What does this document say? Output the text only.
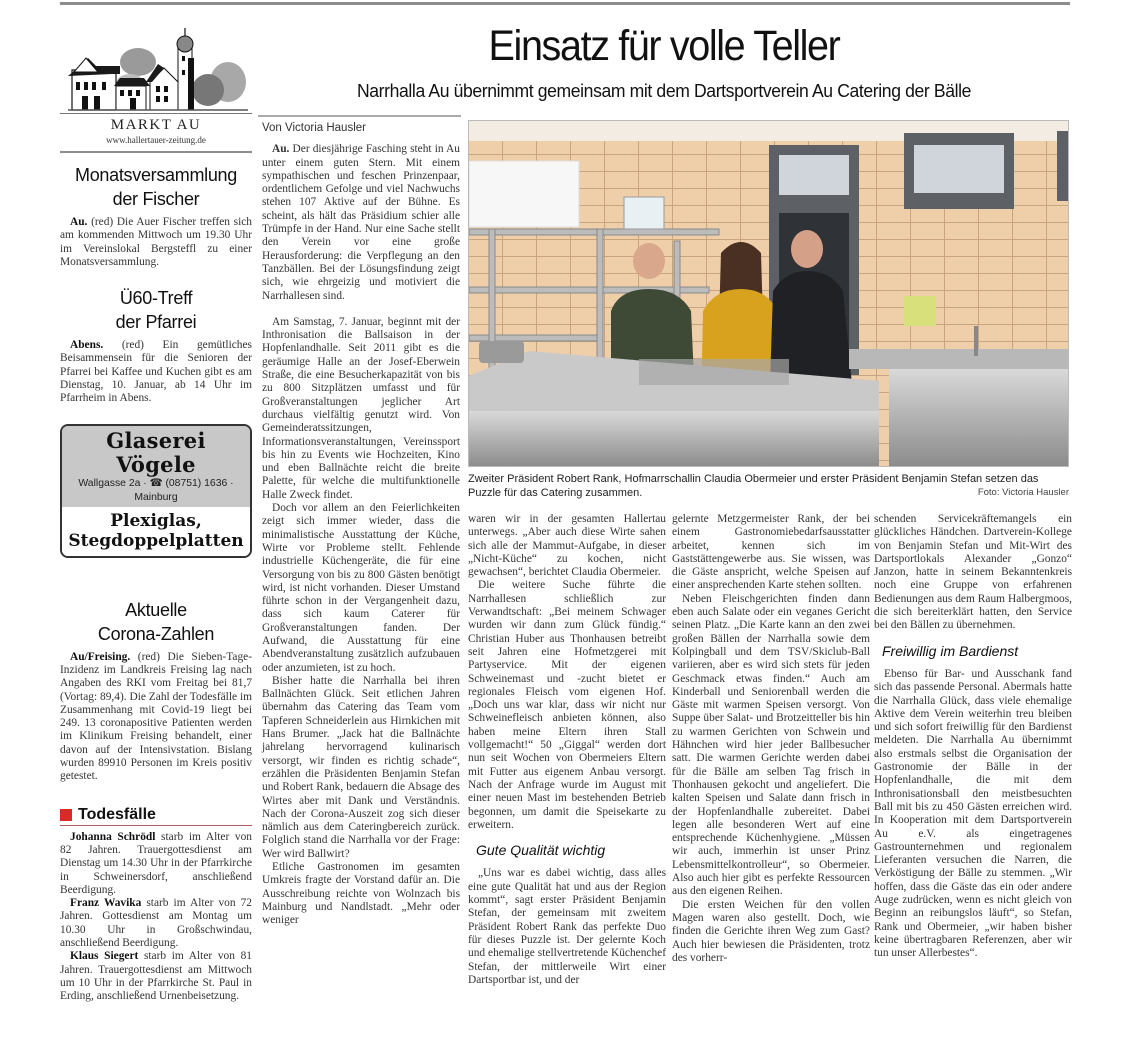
MARKT AU
www.hallertauer-zeitung.de
Monatsversammlung
der Fischer
Au. (red) Die Auer Fischer treffen sich am kommenden Mittwoch um 19.30 Uhr im Vereinslokal Bergsteffl zu einer Monatsversammlung.
Ü60-Treff
der Pfarrei
Abens. (red) Ein gemütliches Beisammensein für die Senioren der Pfarrei bei Kaffee und Kuchen gibt es am Dienstag, 10. Januar, ab 14 Uhr im Pfarrheim in Abens.
Glaserei Vögele
Wallgasse 2a · ☎ (08751) 1636 · Mainburg
Plexiglas,
Stegdoppelplatten
Aktuelle
Corona-Zahlen
Au/Freising. (red) Die Sieben-Tage-Inzidenz im Landkreis Freising lag nach Angaben des RKI vom Freitag bei 81,7 (Vortag: 89,4). Die Zahl der Todesfälle im Zusammenhang mit Covid-19 liegt bei 249. 13 coronapositive Patienten werden im Klinikum Freising behandelt, einer davon auf der Intensivstation. Bislang wurden 89910 Personen im Kreis positiv getestet.
Todesfälle
Johanna Schrödl starb im Alter von 82 Jahren. Trauergottesdienst am Dienstag um 14.30 Uhr in der Pfarrkirche in Schweinersdorf, anschließend Beerdigung.
Franz Wavika starb im Alter von 72 Jahren. Gottesdienst am Montag um 10.30 Uhr in Großschwindau, anschließend Beerdigung.
Klaus Siegert starb im Alter von 81 Jahren. Trauergottesdienst am Mittwoch um 10 Uhr in der Pfarrkirche St. Paul in Erding, anschließend Urnenbeisetzung.
Einsatz für volle Teller
Narrhalla Au übernimmt gemeinsam mit dem Dartsportverein Au Catering der Bälle
Von Victoria Hausler

Au. Der diesjährige Fasching steht in Au unter einem guten Stern. Mit einem sympathischen und feschen Prinzenpaar, ordentlichem Gefolge und viel Nachwuchs stehen 107 Aktive auf der Bühne. Es scheint, als hält das Präsidium schier alle Trümpfe in der Hand. Nur eine Sache stellt den Verein vor eine große Herausforderung: die Verpflegung an den Tanzbällen. Bei der Lösungsfindung zeigt sich, wie ehrgeizig und motiviert die Narrhallesen sind.

Am Samstag, 7. Januar, beginnt mit der Inthronisation die Ballsaison in der Hopfenlandhalle. Seit 2011 gibt es die geräumige Halle an der Josef-Eberwein Straße, die eine Besucherkapazität von bis zu 800 Sitzplätzen umfasst und für Großveranstaltungen jeglicher Art durchaus vielfältig genutzt wird. Von Gemeinderatssitzungen, Informationsveranstaltungen, Vereinssport bis hin zu Events wie Hochzeiten, Kino und eben Ballnächte reicht die breite Palette, für welche die multifunktionelle Halle Zweck findet.

Doch vor allem an den Feierlichkeiten zeigt sich immer wieder, dass die minimalistische Ausstattung der Küche, Wirte vor Probleme stellt. Fehlende industrielle Küchengeräte, die für eine Versorgung von bis zu 800 Gästen benötigt wird, ist nicht vorhanden. Dieser Umstand führte schon in der Vergangenheit dazu, dass sich kaum Caterer für Großveranstaltungen fanden. Der Aufwand, die Ausstattung für eine Abendveranstaltung zusätzlich aufzubauen oder anzumieten, ist zu hoch.

Bisher hatte die Narrhalla bei ihren Ballnächten Glück. Seit etlichen Jahren übernahm das Catering das Team vom Tapferen Schneiderlein aus Hirnkichen mit Hans Brumer. „Jack hat die Ballnächte jahrelang hervorragend kulinarisch versorgt, wir finden es richtig schade“, erzählen die Präsidenten Benjamin Stefan und Robert Rank, bedauern die Absage des Wirtes aber mit Dank und Verständnis. Nach der Corona-Auszeit zog sich dieser nämlich aus dem Cateringbereich zurück. Folglich stand die Narrhalla vor der Frage: Wer wird Ballwirt?

Etliche Gastronomen im gesamten Umkreis fragte der Vorstand dafür an. Die Ausschreibung reichte von Wolnzach bis Mainburg und Nandlstadt. „Mehr oder weniger

Zweiter Präsident Robert Rank, Hofmarrschallin Claudia Obermeier und erster Präsident Benjamin Stefan setzen das Puzzle für das Catering zusammen.	Foto: Victoria Hausler

waren wir in der gesamten Hallertau unterwegs. „Aber auch diese Wirte sahen sich alle der Mammut-Aufgabe, in dieser „Nicht-Küche“ zu kochen, nicht gewachsen“, berichtet Claudia Obermeier.

Die weitere Suche führte die Narrhallesen schließlich zur Verwandtschaft: „Bei meinem Schwager wurden wir dann zum Glück fündig.“ Christian Huber aus Thonhausen betreibt seit Jahren eine Hofmetzgerei mit Partyservice. Mit der eigenen Schweinemast und -zucht bietet er regionales Fleisch vom eigenen Hof. „Doch uns war klar, dass wir nicht nur Schweinefleisch anbieten können, also haben meine Eltern ihren Stall vollgemacht!“ 50 „Giggal“ werden dort nun seit Wochen von Obermeiers Eltern mit Futter aus eigenem Anbau versorgt. Nach der Anfrage wurde im August mit einer neuen Mast im bestehenden Betrieb begonnen, um damit die Speisekarte zu erweitern.

Gute Qualität wichtig

„Uns war es dabei wichtig, dass alles eine gute Qualität hat und aus der Region kommt“, sagt erster Präsident Benjamin Stefan, der gemeinsam mit zweitem Präsident Robert Rank das perfekte Duo für dieses Puzzle ist. Der gelernte Koch und ehemalige stellvertretende Küchenchef Stefan, der mittlerweile Wirt einer Dartsportbar ist, und der

gelernte Metzgermeister Rank, der bei einem Gastronomiebedarfsausstatter arbeitet, kennen sich im Gaststättengewerbe aus. Sie wissen, was die Gäste anspricht, welche Speisen auf einer ansprechenden Karte stehen sollten.

Neben Fleischgerichten finden dann eben auch Salate oder ein veganes Gericht seinen Platz. „Die Karte kann an den zwei großen Bällen der Narrhalla sowie dem Kolpingball und dem TSV/Skiclub-Ball variieren, aber es wird sich stets für jeden Geschmack etwas finden.“ Auch am Kinderball und Seniorenball werden die Gäste mit warmen Speisen versorgt. Von Suppe über Salat- und Brotzeitteller bis hin zu warmen Gerichten von Schwein und Hähnchen wird hier jeder Ballbesucher satt. Die warmen Gerichte werden dabei für die Bälle am selben Tag frisch in Thonhausen gekocht und angeliefert. Die kalten Speisen und Salate dann frisch in der Hopfenlandhalle zubereitet. Dabei legen alle besonderen Wert auf eine entsprechende Küchenhygiene. „Müssen wir auch, immerhin ist unser Prinz Lebensmittelkontrolleur“, so Obermeier. Also auch hier gibt es perfekte Ressourcen aus den eigenen Reihen.

Die ersten Weichen für den vollen Magen waren also gestellt. Doch, wie finden die Gerichte ihren Weg zum Gast? Auch hier bewiesen die Präsidenten, trotz des vorherr-

schenden Servicekräftemangels ein glückliches Händchen. Dartverein-Kollege von Benjamin Stefan und Mit-Wirt des Dartsportlokals Alexander „Gonzo“ Janzon, hatte in seinem Bekanntenkreis noch eine Gruppe von erfahrenen Bedienungen aus dem Raum Halbergmoos, die sich bereiterklärt hatten, den Service bei den Bällen zu übernehmen.

Freiwillig im Bardienst

Ebenso für Bar- und Ausschank fand sich das passende Personal. Abermals hatte die Narrhalla Glück, dass viele ehemalige Aktive dem Verein weiterhin treu bleiben und sich sofort freiwillig für den Bardienst meldeten. Die Narrhalla Au übernimmt also erstmals selbst die Organisation der Gastronomie der Bälle in der Hopfenlandhalle, die mit dem Inthronisationsball den meistbesuchten Ball mit bis zu 450 Gästen erreichen wird. In Kooperation mit dem Dartsportverein Au e.V. als eingetragenes Gastrounternehmen und regionalem Lieferanten versuchen die Narren, die Verköstigung der Bälle zu stemmen. „Wir hoffen, dass die Gäste das ein oder andere Auge zudrücken, wenn es nicht gleich von Beginn an reibungslos läuft“, so Stefan, Rank und Obermeier, „wir haben bisher keine übertragbaren Referenzen, aber wir tun unser Allerbestes“.
